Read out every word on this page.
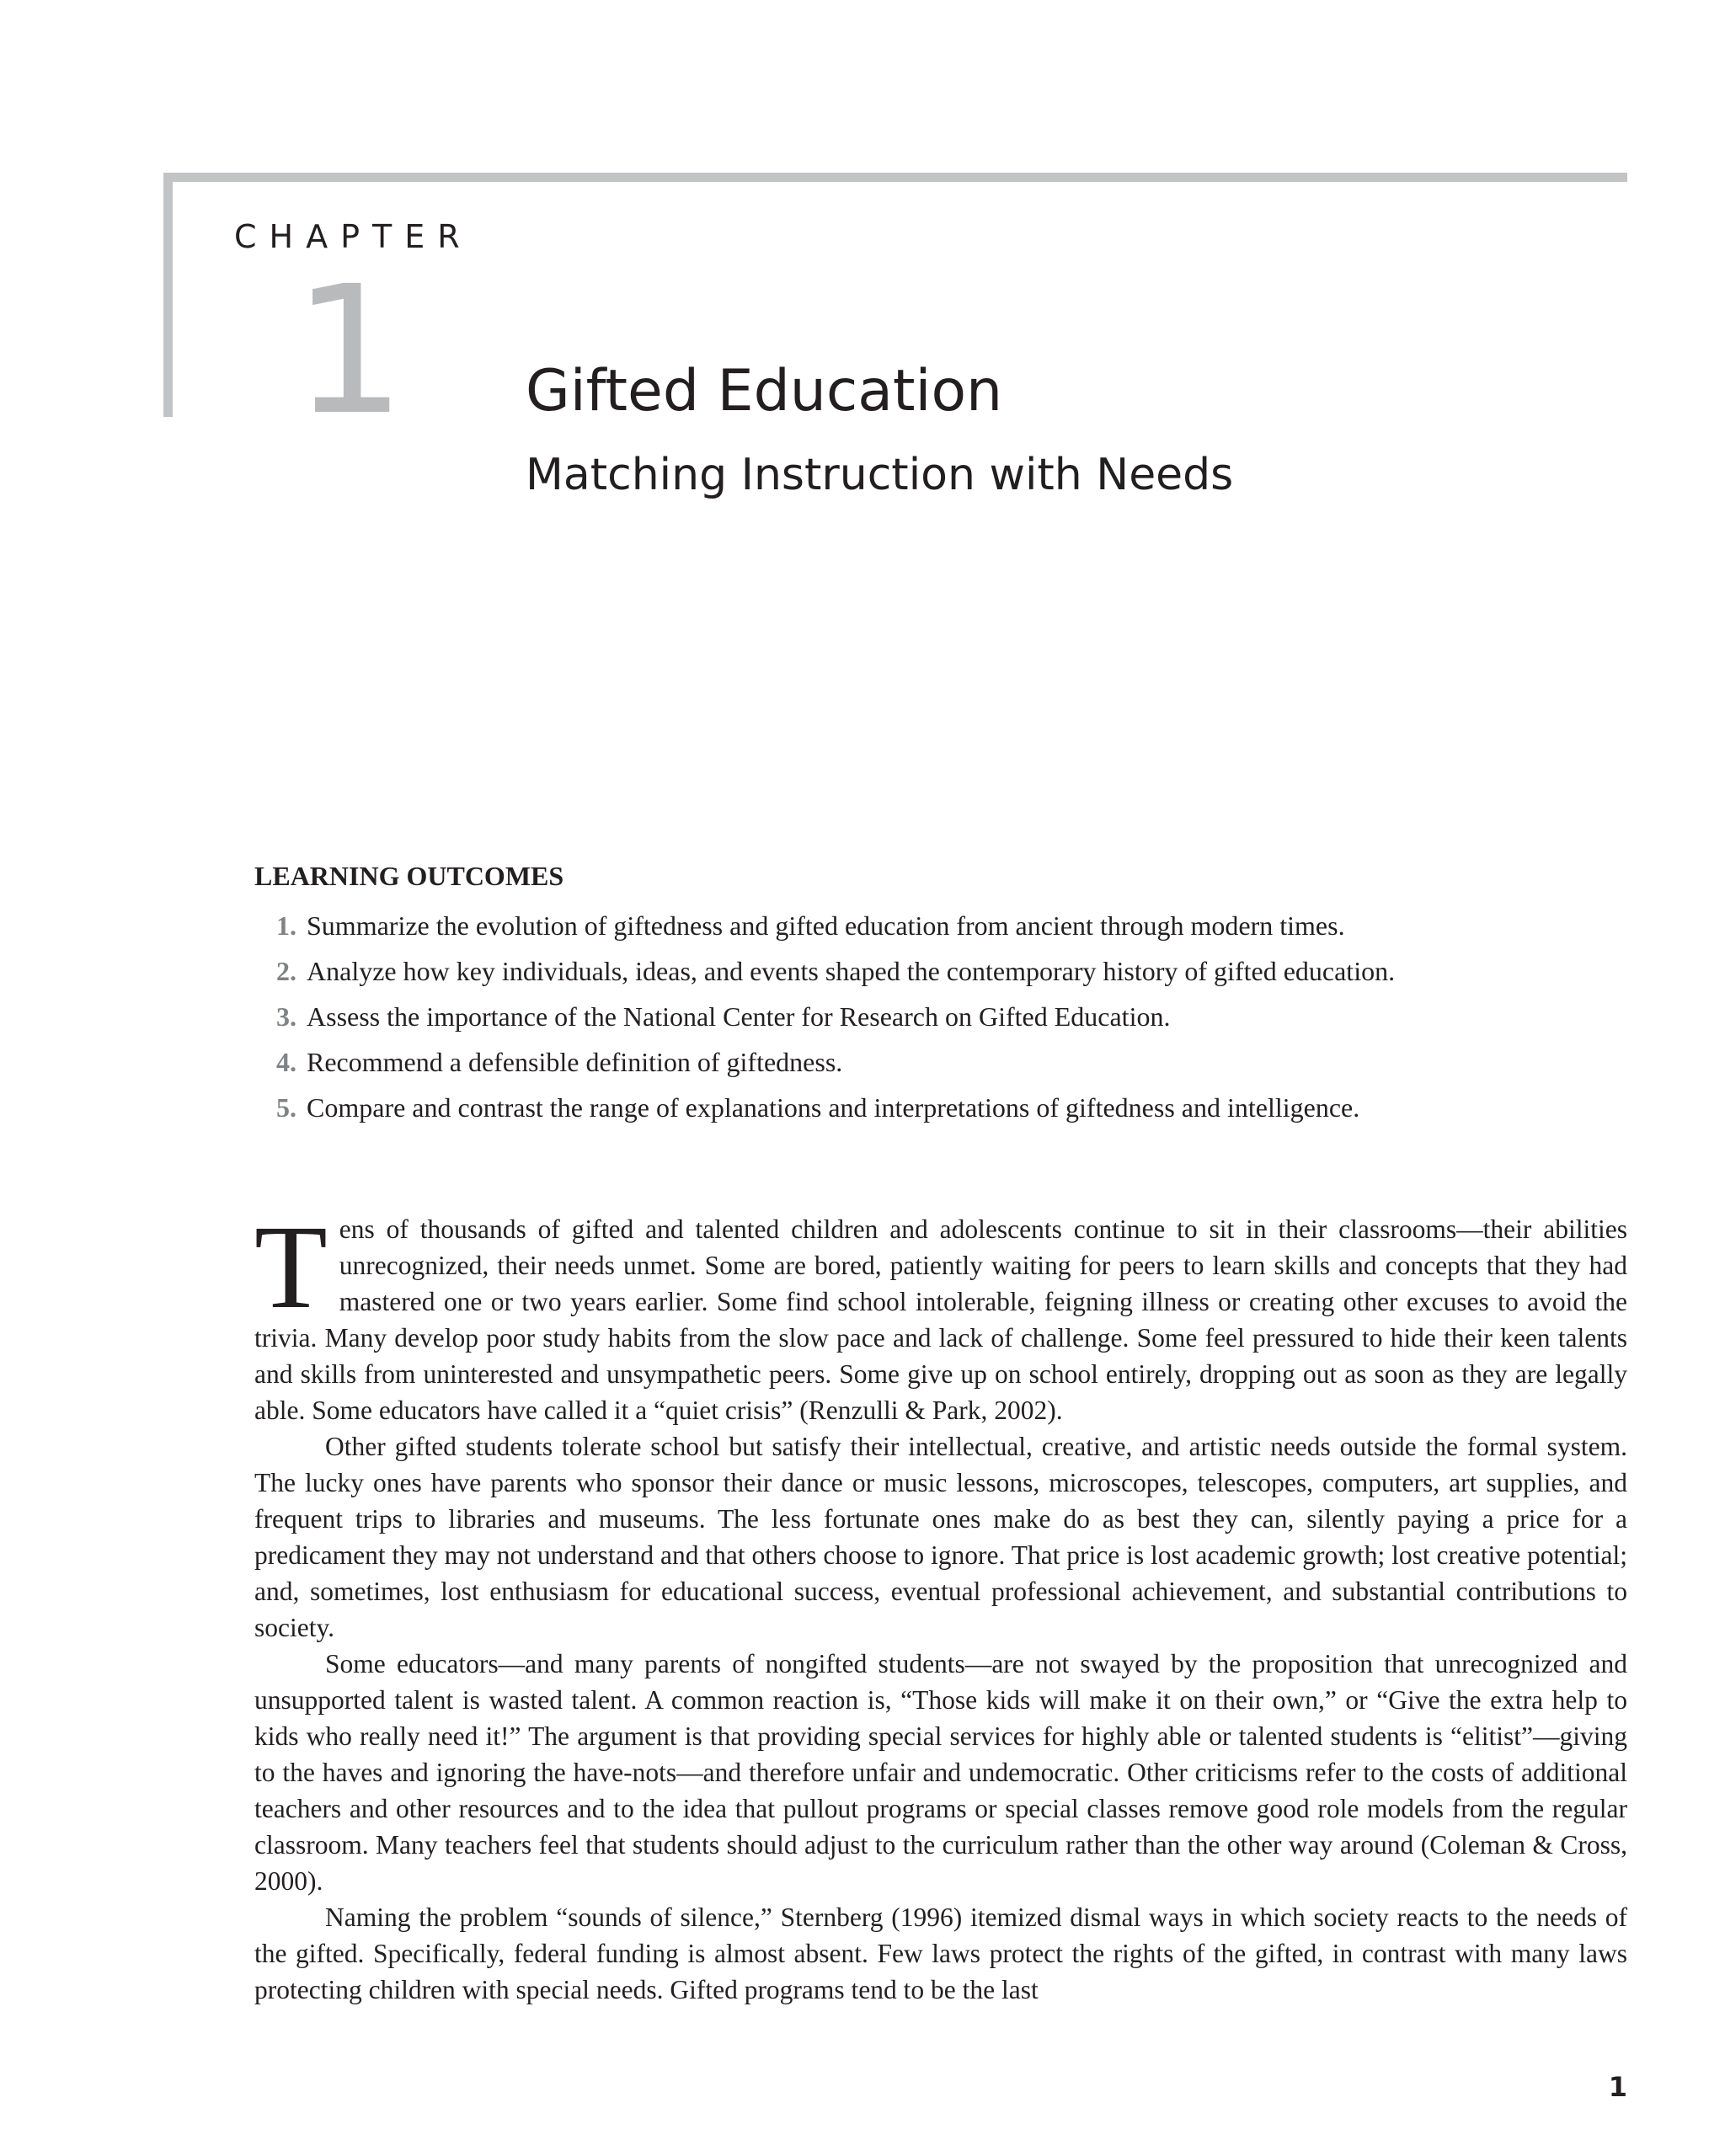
CHAPTER
1 Gifted Education
Matching Instruction with Needs
LEARNING OUTCOMES
1. Summarize the evolution of giftedness and gifted education from ancient through modern times.
2. Analyze how key individuals, ideas, and events shaped the contemporary history of gifted education.
3. Assess the importance of the National Center for Research on Gifted Education.
4. Recommend a defensible definition of giftedness.
5. Compare and contrast the range of explanations and interpretations of giftedness and intelligence.

Tens of thousands of gifted and talented children and adolescents continue to sit in their classrooms—their abilities unrecognized, their needs unmet. Some are bored, patiently waiting for peers to learn skills and concepts that they had mastered one or two years earlier. Some find school intolerable, feigning illness or creating other excuses to avoid the trivia. Many develop poor study habits from the slow pace and lack of challenge. Some feel pressured to hide their keen talents and skills from uninterested and unsympathetic peers. Some give up on school entirely, dropping out as soon as they are legally able. Some educators have called it a “quiet crisis” (Renzulli & Park, 2002).

Other gifted students tolerate school but satisfy their intellectual, creative, and artistic needs outside the formal system. The lucky ones have parents who sponsor their dance or music lessons, microscopes, telescopes, computers, art supplies, and frequent trips to libraries and museums. The less fortunate ones make do as best they can, silently paying a price for a predicament they may not understand and that others choose to ignore. That price is lost academic growth; lost creative potential; and, sometimes, lost enthusiasm for educational success, eventual professional achievement, and substantial contributions to society.

Some educators—and many parents of nongifted students—are not swayed by the proposition that unrecognized and unsupported talent is wasted talent. A common reaction is, “Those kids will make it on their own,” or “Give the extra help to kids who really need it!” The argument is that providing special services for highly able or talented students is “elitist”—giving to the haves and ignoring the have-nots—and therefore unfair and undemocratic. Other criticisms refer to the costs of additional teachers and other resources and to the idea that pullout programs or special classes remove good role models from the regular classroom. Many teachers feel that students should adjust to the curriculum rather than the other way around (Coleman & Cross, 2000).

Naming the problem “sounds of silence,” Sternberg (1996) itemized dismal ways in which society reacts to the needs of the gifted. Specifically, federal funding is almost absent. Few laws protect the rights of the gifted, in contrast with many laws protecting children with special needs. Gifted programs tend to be the last

1
